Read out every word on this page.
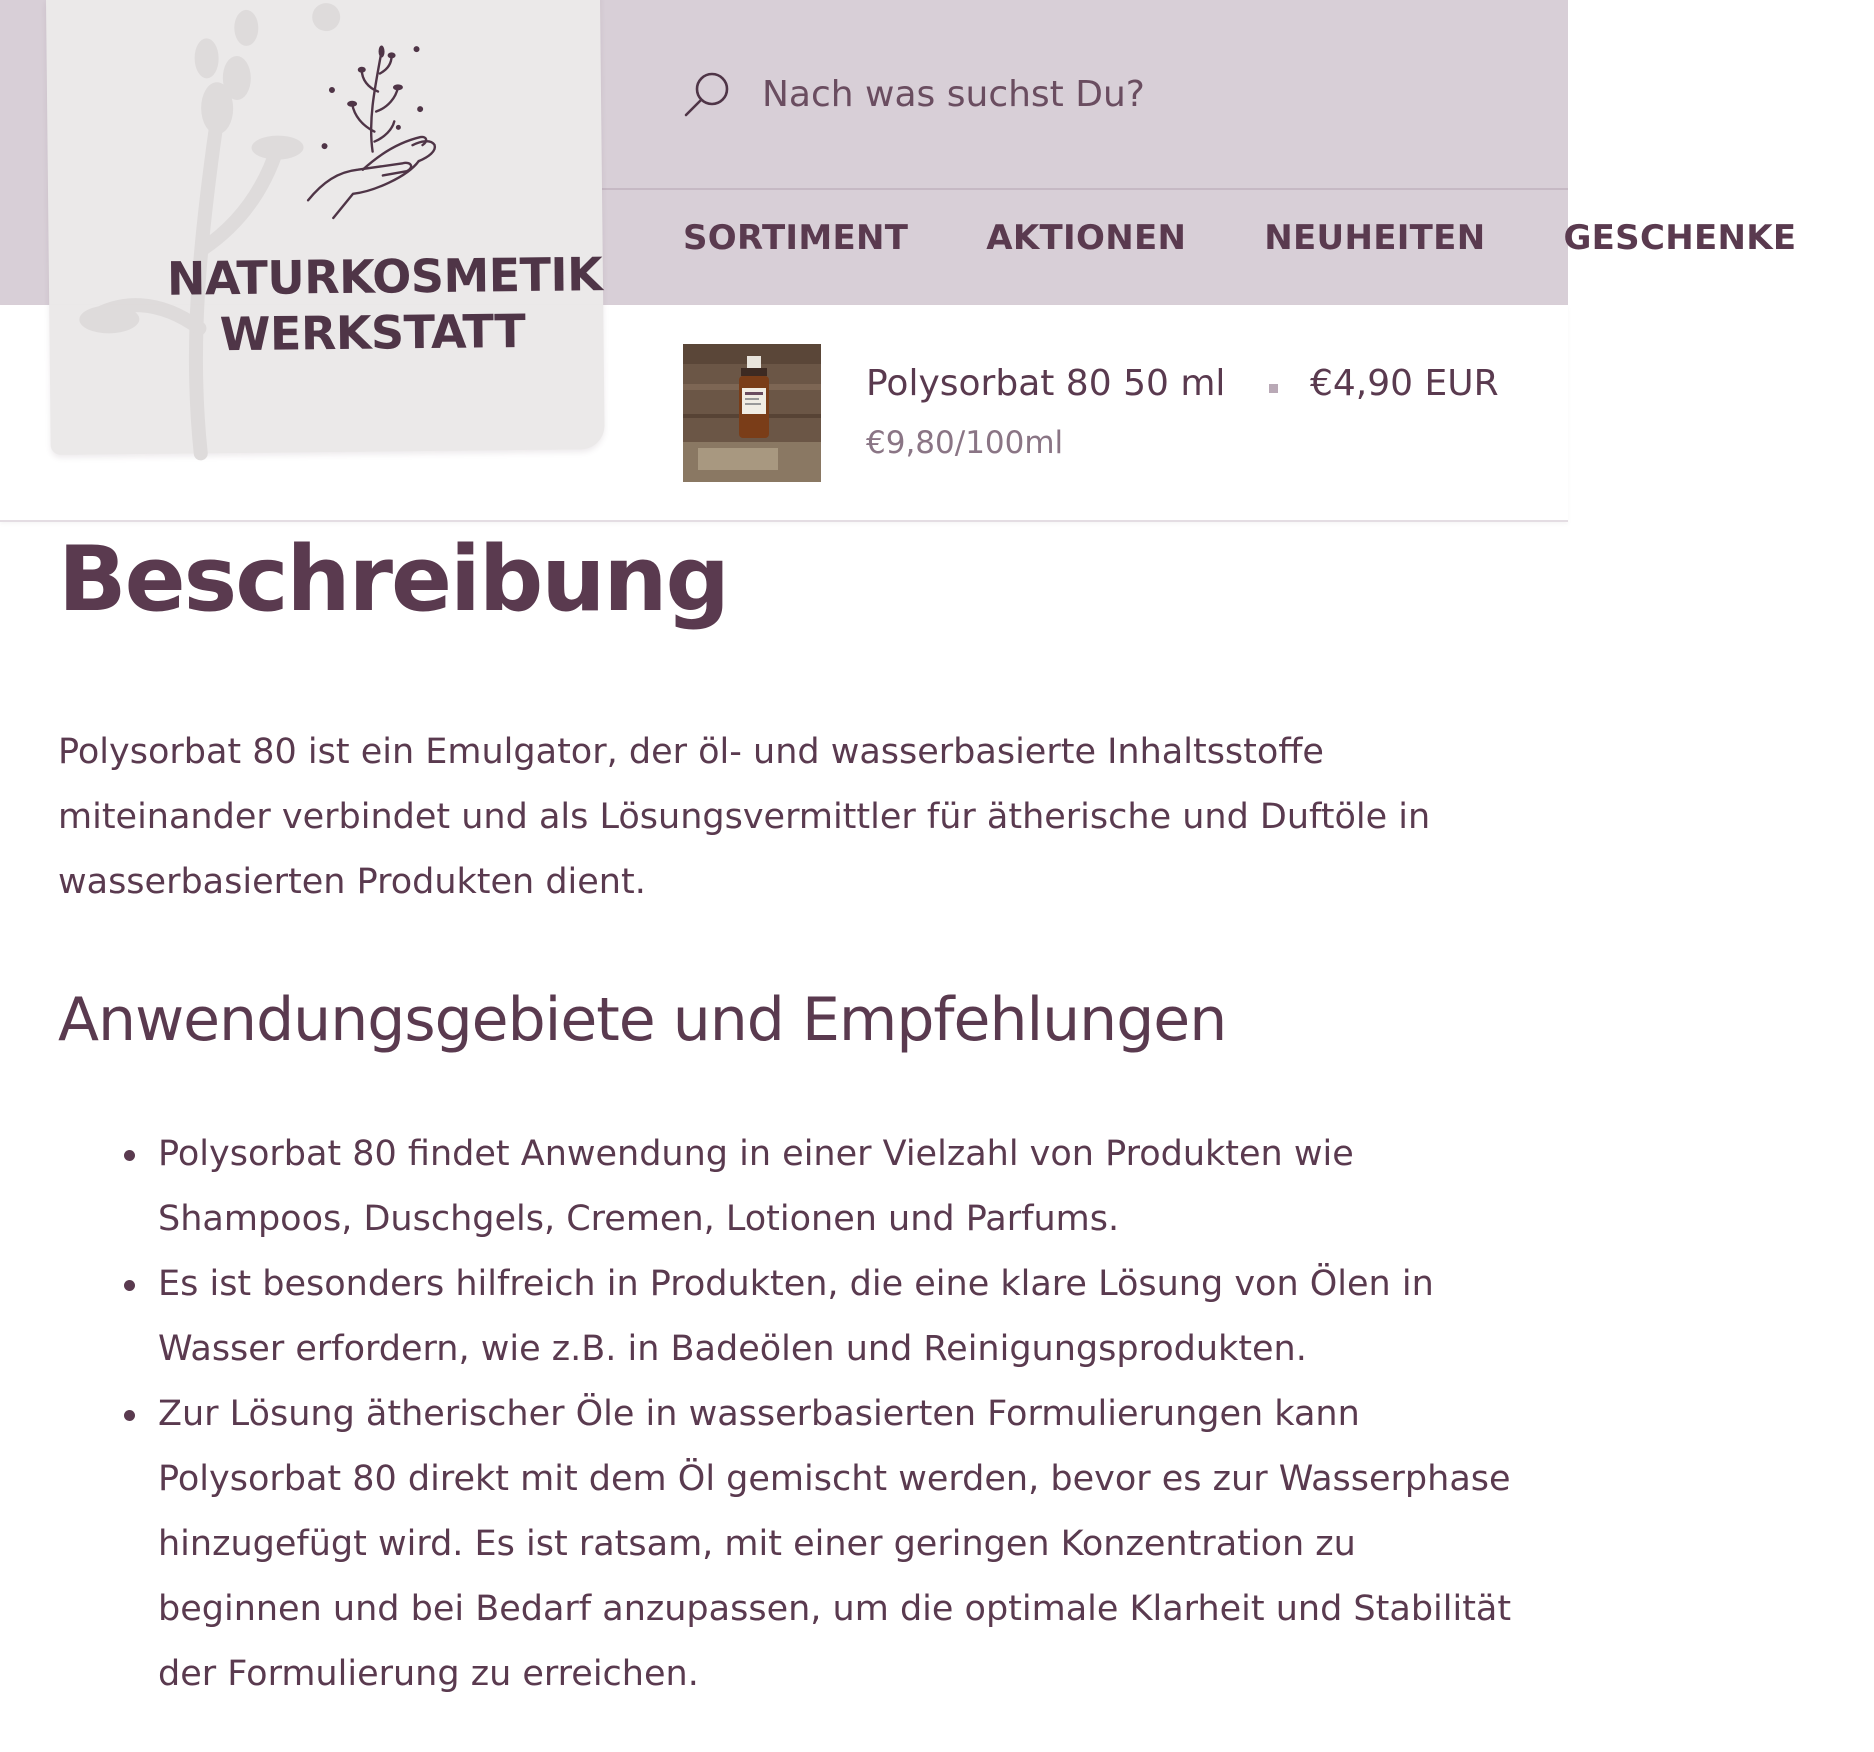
NATURKOSMETIK
WERKSTATT
Nach was suchst Du?
SORTIMENT AKTIONEN NEUHEITEN GESCHENKE
Polysorbat 80 50 ml €4,90 EUR
€9,80/100ml
Beschreibung

Polysorbat 80 ist ein Emulgator, der öl- und wasserbasierte Inhaltsstoffe miteinander verbindet und als Lösungsvermittler für ätherische und Duftöle in wasserbasierten Produkten dient.

Anwendungsgebiete und Empfehlungen
Polysorbat 80 findet Anwendung in einer Vielzahl von Produkten wie Shampoos, Duschgels, Cremen, Lotionen und Parfums.
Es ist besonders hilfreich in Produkten, die eine klare Lösung von Ölen in Wasser erfordern, wie z.B. in Badeölen und Reinigungsprodukten.
Zur Lösung ätherischer Öle in wasserbasierten Formulierungen kann Polysorbat 80 direkt mit dem Öl gemischt werden, bevor es zur Wasserphase hinzugefügt wird. Es ist ratsam, mit einer geringen Konzentration zu beginnen und bei Bedarf anzupassen, um die optimale Klarheit und Stabilität der Formulierung zu erreichen.
